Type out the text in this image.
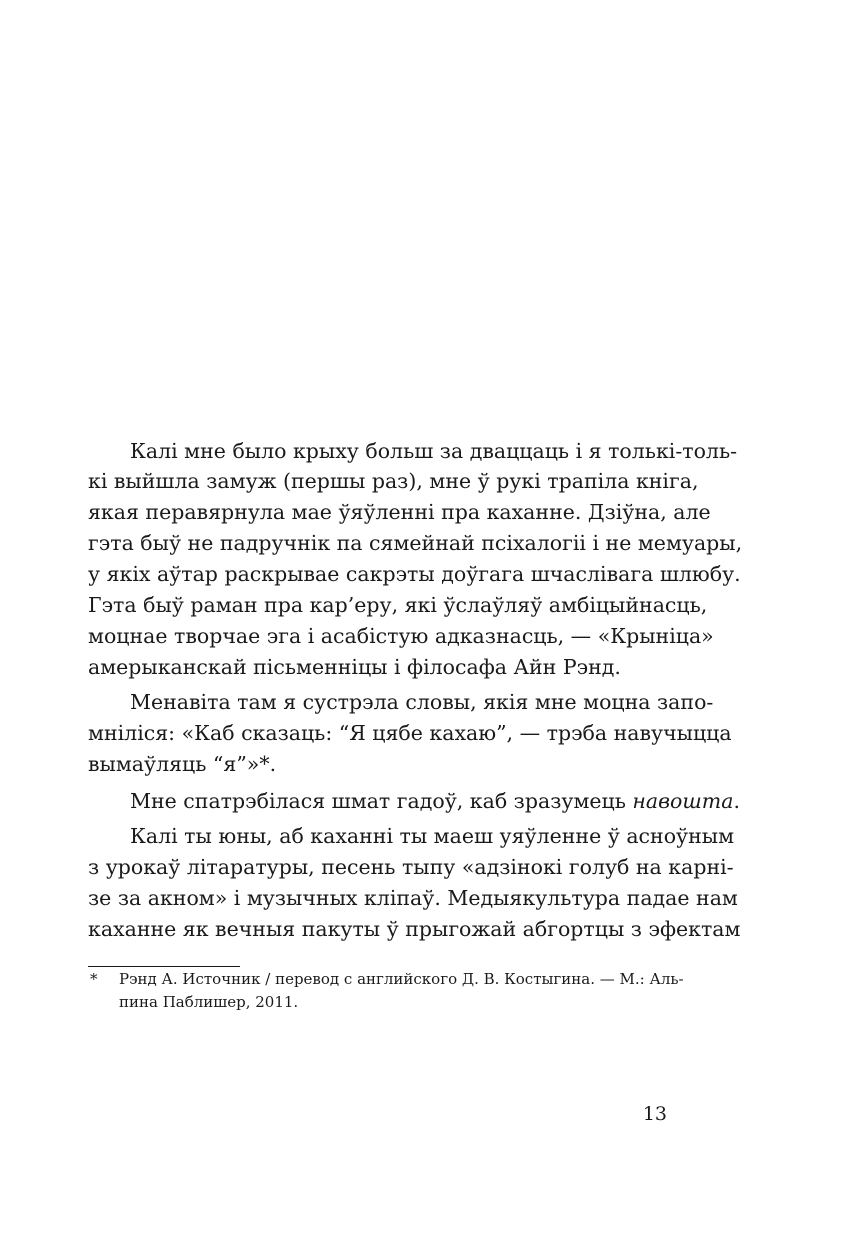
Калі мне было крыху больш за дваццаць і я толькі-толь-
кі выйшла замуж (першы раз), мне ў рукі трапіла кніга,
якая перавярнула мае ўяўленні пра каханне. Дзіўна, але
гэта быў не падручнік па сямейнай псіхалогіі і не мемуары,
у якіх аўтар раскрывае сакрэты доўгага шчаслівага шлюбу.
Гэта быў раман пра кар’еру, які ўслаўляў амбіцыйнасць,
моцнае творчае эга і асабістую адказнасць, — «Крыніца»
амерыканскай пісьменніцы і філосафа Айн Рэнд.
Менавіта там я сустрэла словы, якія мне моцна запо-
мніліся: «Каб сказаць: “Я цябе кахаю”, — трэба навучыцца
вымаўляць “я”»*.
Мне спатрэбілася шмат гадоў, каб зразумець навошта.
Калі ты юны, аб каханні ты маеш уяўленне ў асноўным
з урокаў літаратуры, песень тыпу «адзінокі голуб на карні-
зе за акном» і музычных кліпаў. Медыякультура падае нам
каханне як вечныя пакуты ў прыгожай абгортцы з эфектам
* Рэнд А. Источник / перевод с английского Д. В. Костыгина. — М.: Аль-
пина Паблишер, 2011.
13
